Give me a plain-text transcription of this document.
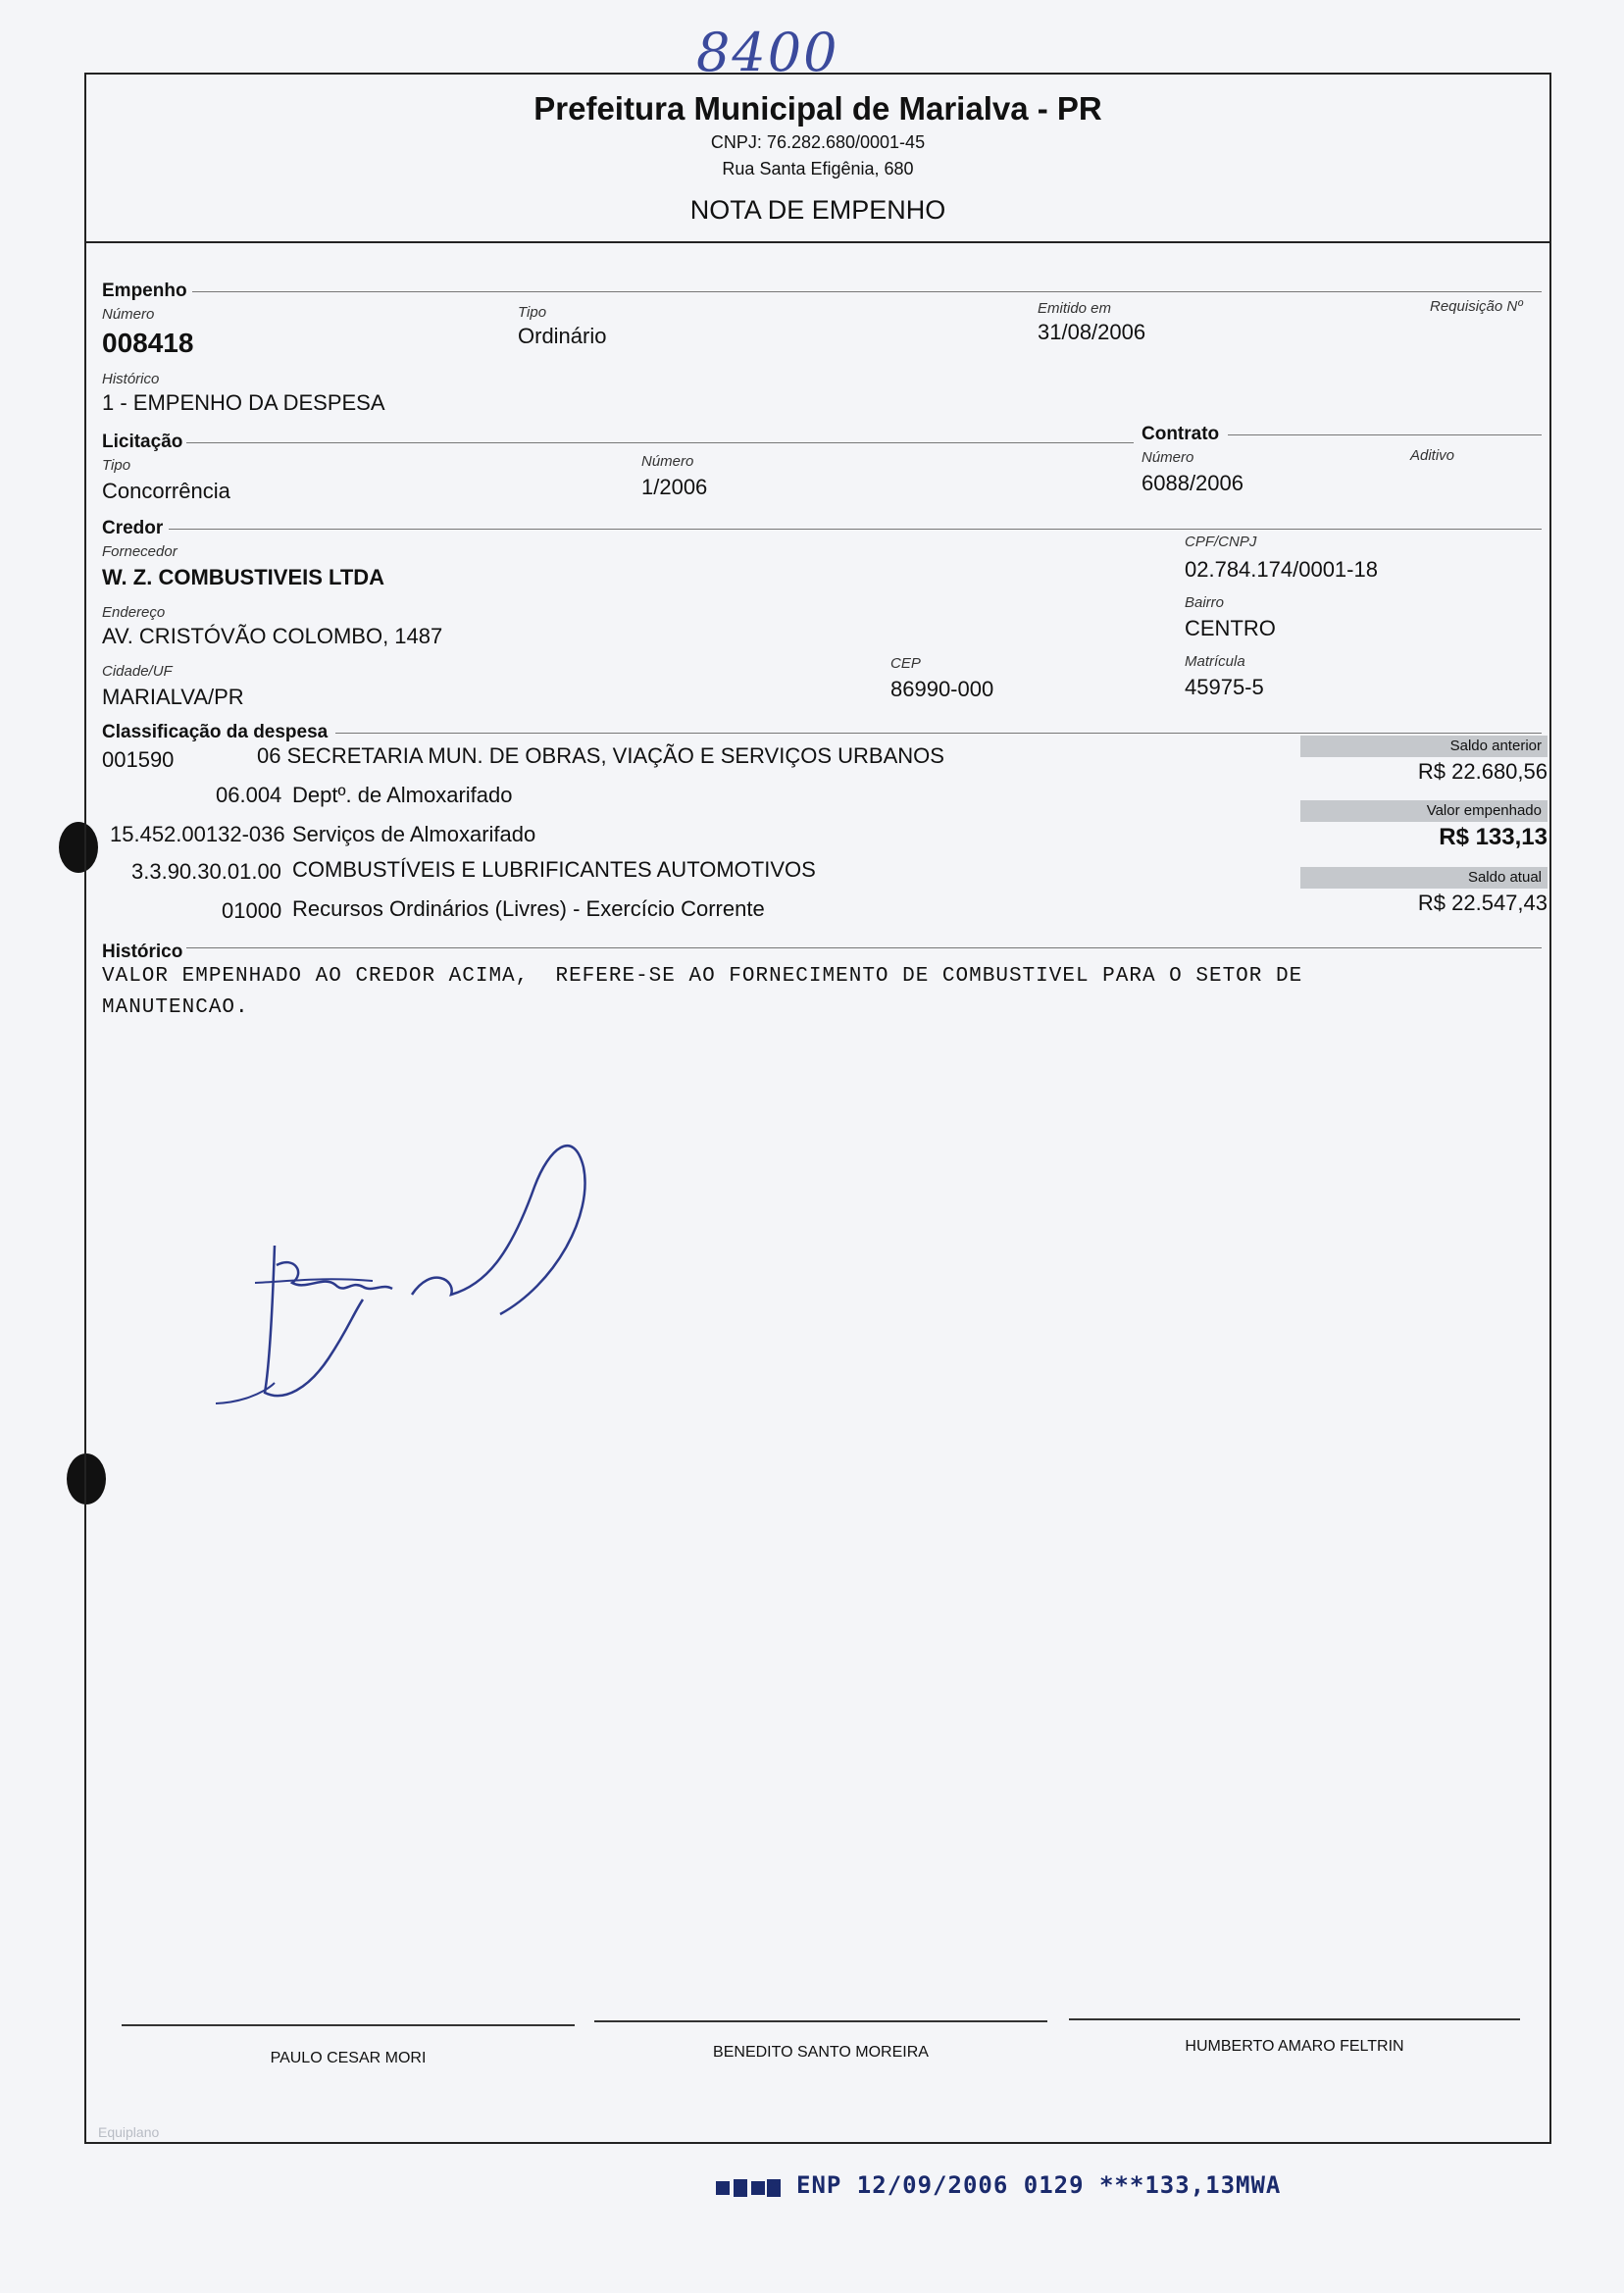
8400
Prefeitura Municipal de Marialva - PR
CNPJ: 76.282.680/0001-45
Rua Santa Efigênia, 680
NOTA DE EMPENHO
Empenho
Número
008418
Tipo
Ordinário
Emitido em
31/08/2006
Requisição Nº
Histórico
1 - EMPENHO DA DESPESA
Licitação	Contrato
Tipo
Concorrência
Número
1/2006
Número
6088/2006
Aditivo
Credor
Fornecedor
W. Z. COMBUSTIVEIS LTDA
CPF/CNPJ
02.784.174/0001-18
Endereço
AV. CRISTÓVÃO COLOMBO, 1487
Bairro
CENTRO
Cidade/UF
MARIALVA/PR
CEP
86990-000
Matrícula
45975-5
Classificação da despesa
001590	06 SECRETARIA MUN. DE OBRAS, VIAÇÃO E SERVIÇOS URBANOS
06.004 Deptº. de Almoxarifado
15.452.00132-036 Serviços de Almoxarifado
3.3.90.30.01.00 COMBUSTÍVEIS E LUBRIFICANTES AUTOMOTIVOS
01000 Recursos Ordinários (Livres) - Exercício Corrente
Saldo anterior
R$ 22.680,56
Valor empenhado
R$ 133,13
Saldo atual
R$ 22.547,43
Histórico
VALOR EMPENHADO AO CREDOR ACIMA,  REFERE-SE AO FORNECIMENTO DE COMBUSTIVEL PARA O SETOR DE
MANUTENCAO.
PAULO CESAR MORI	BENEDITO SANTO MOREIRA	HUMBERTO AMARO FELTRIN
Equiplano
ENP 12/09/2006 0129 ***133,13MWA
